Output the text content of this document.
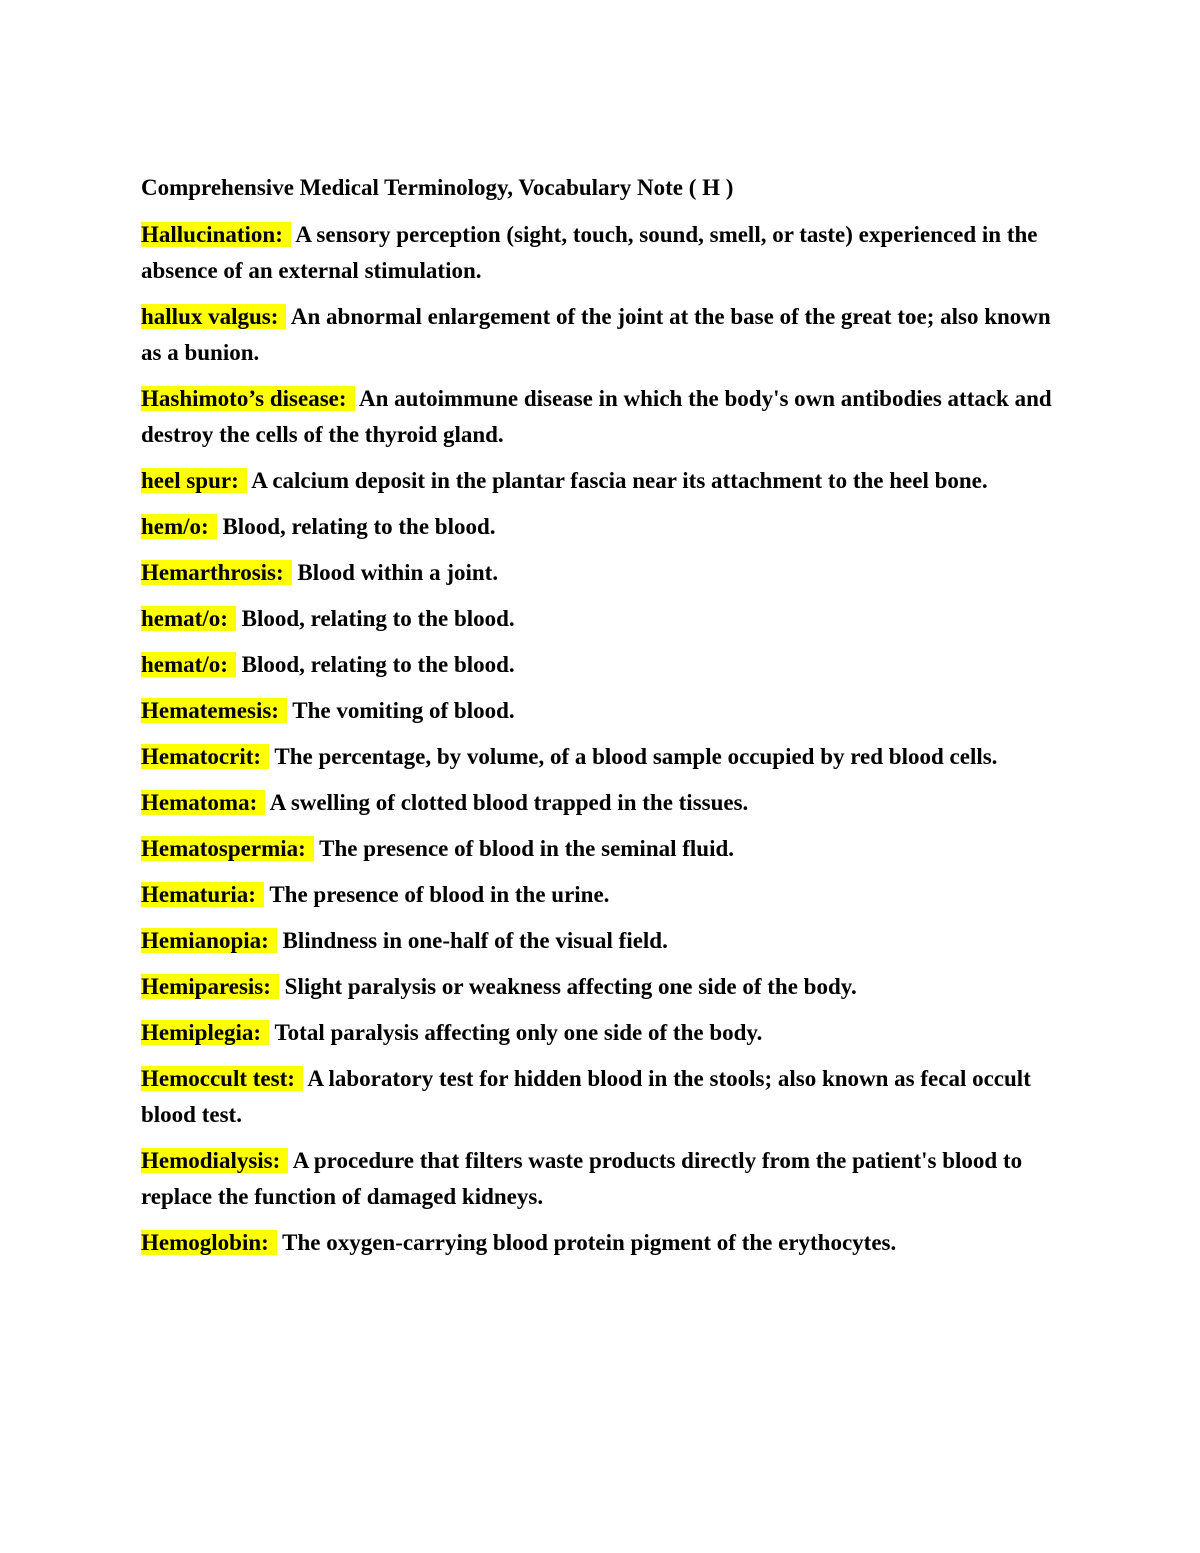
Comprehensive Medical Terminology, Vocabulary Note ( H )
Hallucination: A sensory perception (sight, touch, sound, smell, or taste) experienced in the absence of an external stimulation.
hallux valgus: An abnormal enlargement of the joint at the base of the great toe; also known as a bunion.
Hashimoto’s disease: An autoimmune disease in which the body's own antibodies attack and destroy the cells of the thyroid gland.
heel spur: A calcium deposit in the plantar fascia near its attachment to the heel bone.
hem/o: Blood, relating to the blood.
Hemarthrosis: Blood within a joint.
hemat/o: Blood, relating to the blood.
hemat/o: Blood, relating to the blood.
Hematemesis: The vomiting of blood.
Hematocrit: The percentage, by volume, of a blood sample occupied by red blood cells.
Hematoma: A swelling of clotted blood trapped in the tissues.
Hematospermia: The presence of blood in the seminal fluid.
Hematuria: The presence of blood in the urine.
Hemianopia: Blindness in one-half of the visual field.
Hemiparesis: Slight paralysis or weakness affecting one side of the body.
Hemiplegia: Total paralysis affecting only one side of the body.
Hemoccult test: A laboratory test for hidden blood in the stools; also known as fecal occult blood test.
Hemodialysis: A procedure that filters waste products directly from the patient's blood to replace the function of damaged kidneys.
Hemoglobin: The oxygen-carrying blood protein pigment of the erythocytes.
